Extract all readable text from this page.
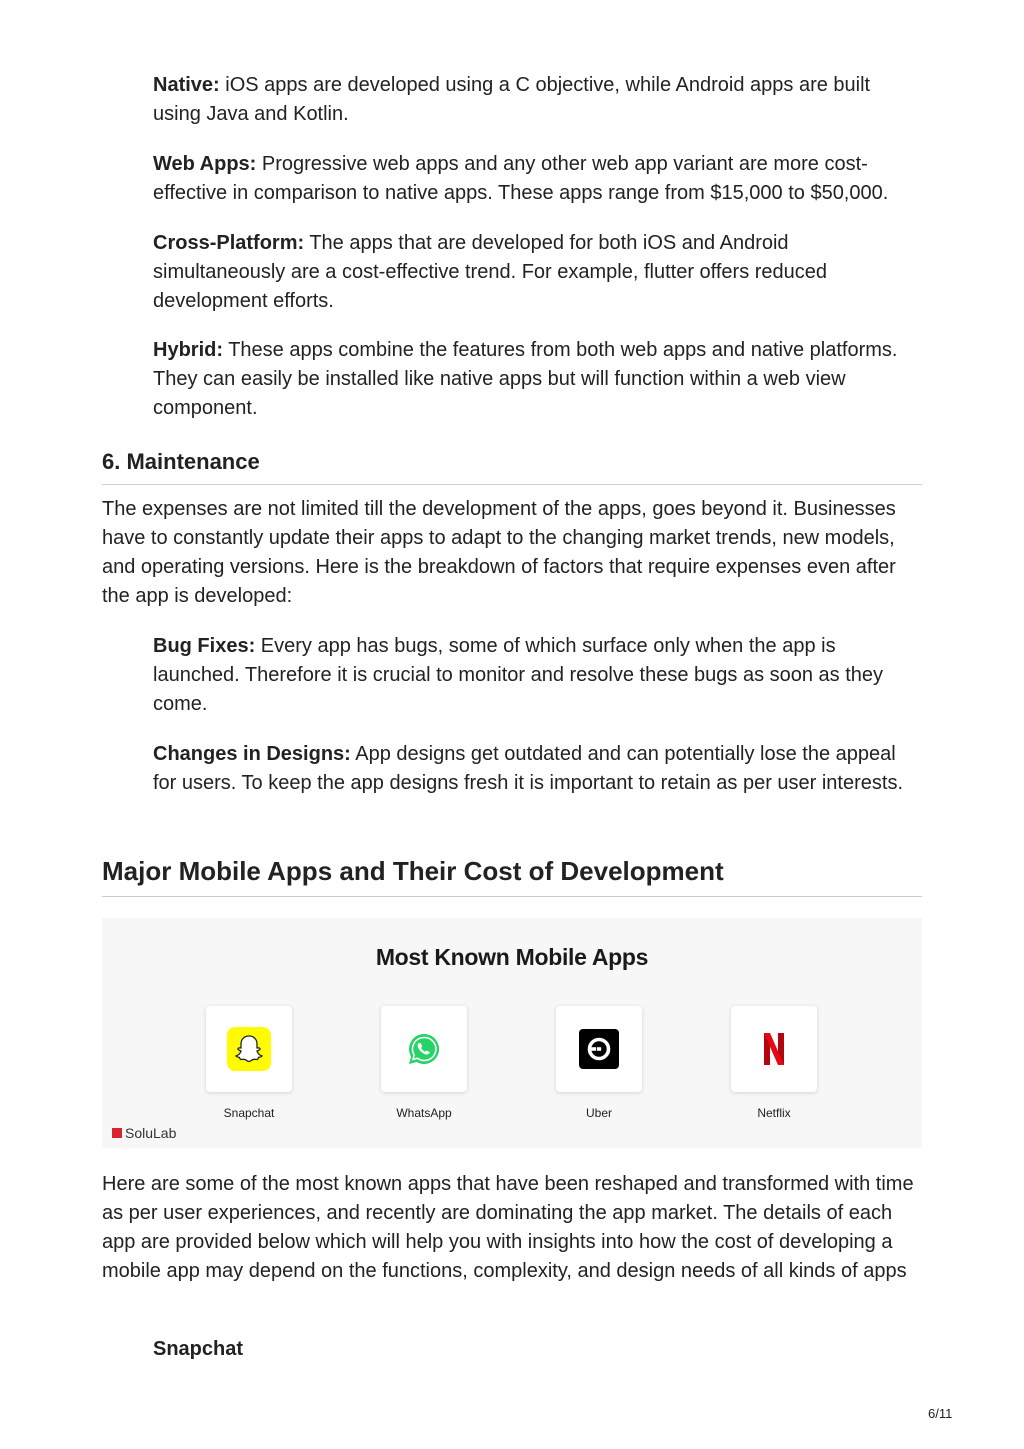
Native: iOS apps are developed using a C objective, while Android apps are built using Java and Kotlin.

Web Apps: Progressive web apps and any other web app variant are more cost-effective in comparison to native apps. These apps range from $15,000 to $50,000.

Cross-Platform: The apps that are developed for both iOS and Android simultaneously are a cost-effective trend. For example, flutter offers reduced development efforts.

Hybrid: These apps combine the features from both web apps and native platforms. They can easily be installed like native apps but will function within a web view component.

6. Maintenance

The expenses are not limited till the development of the apps, goes beyond it. Businesses have to constantly update their apps to adapt to the changing market trends, new models, and operating versions. Here is the breakdown of factors that require expenses even after the app is developed:

Bug Fixes: Every app has bugs, some of which surface only when the app is launched. Therefore it is crucial to monitor and resolve these bugs as soon as they come.

Changes in Designs: App designs get outdated and can potentially lose the appeal for users. To keep the app designs fresh it is important to retain as per user interests.

Major Mobile Apps and Their Cost of Development
Most Known Mobile Apps
Snapchat	WhatsApp	Uber	Netflix
SoluLab

Here are some of the most known apps that have been reshaped and transformed with time as per user experiences, and recently are dominating the app market. The details of each app are provided below which will help you with insights into how the cost of developing a mobile app may depend on the functions, complexity, and design needs of all kinds of apps

Snapchat

6/11
